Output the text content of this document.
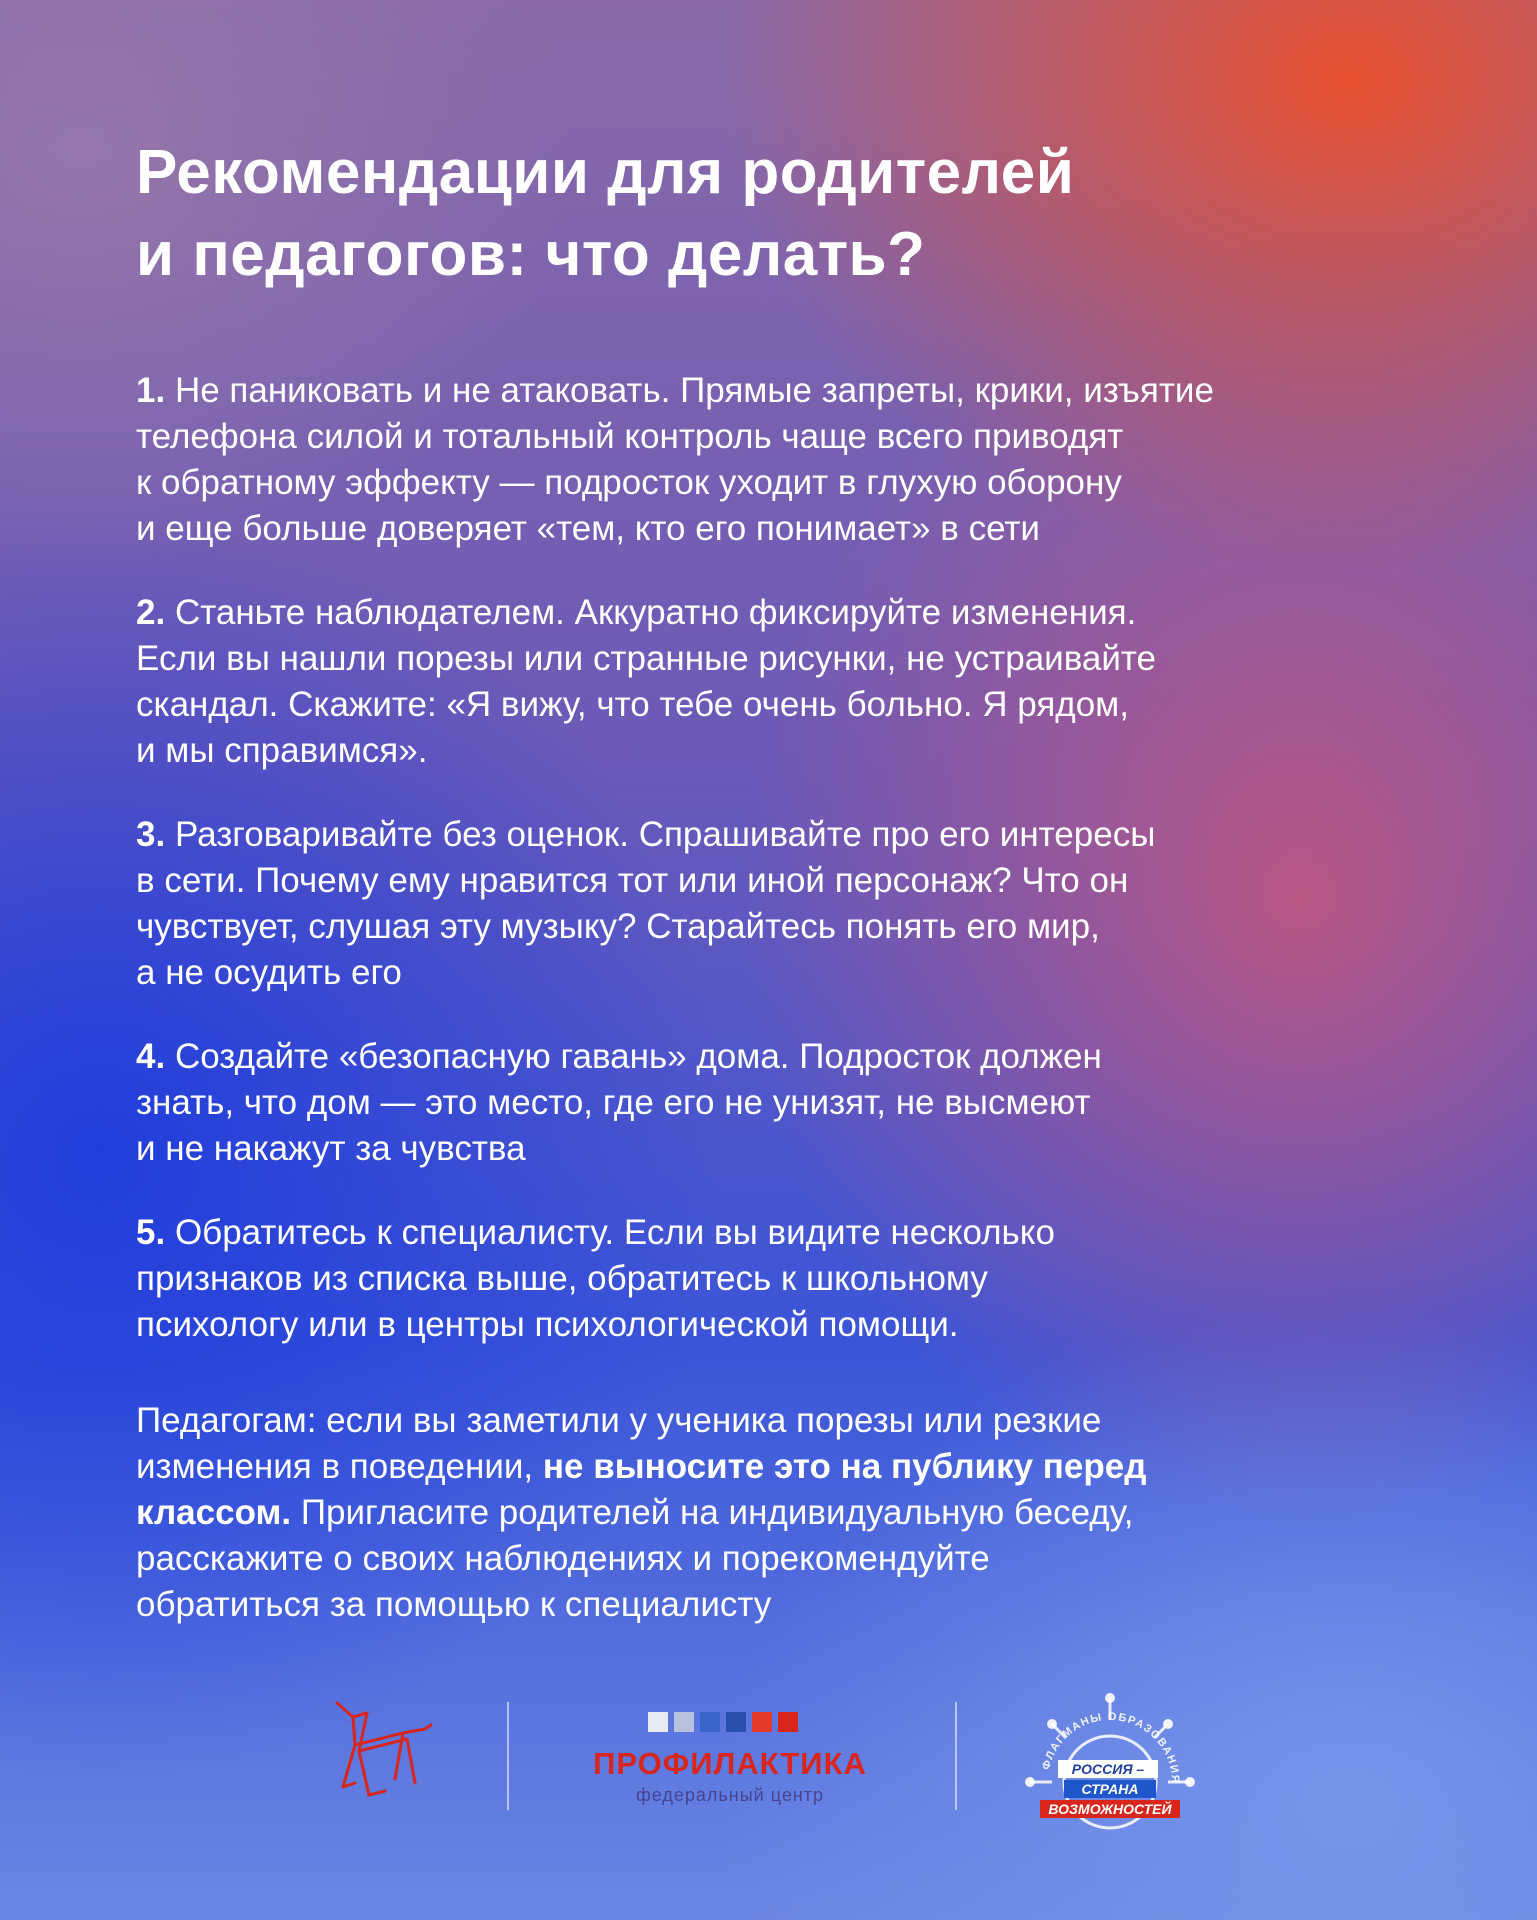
Рекомендации для родителей
и педагогов: что делать?

1. Не паниковать и не атаковать. Прямые запреты, крики, изъятие

телефона силой и тотальный контроль чаще всего приводят

к обратному эффекту — подросток уходит в глухую оборону

и еще больше доверяет «тем, кто его понимает» в сети

2. Станьте наблюдателем. Аккуратно фиксируйте изменения.

Если вы нашли порезы или странные рисунки, не устраивайте

скандал. Скажите: «Я вижу, что тебе очень больно. Я рядом,

и мы справимся».

3. Разговаривайте без оценок. Спрашивайте про его интересы

в сети. Почему ему нравится тот или иной персонаж? Что он

чувствует, слушая эту музыку? Старайтесь понять его мир,

а не осудить его

4. Создайте «безопасную гавань» дома. Подросток должен

знать, что дом — это место, где его не унизят, не высмеют

и не накажут за чувства

5. Обратитесь к специалисту. Если вы видите несколько

признаков из списка выше, обратитесь к школьному

психологу или в центры психологической помощи.

Педагогам: если вы заметили у ученика порезы или резкие

изменения в поведении, не выносите это на публику перед

классом. Пригласите родителей на индивидуальную беседу,

расскажите о своих наблюдениях и порекомендуйте

обратиться за помощью к специалисту

ПРОФИЛАКТИКА
федеральный центр
ФЛАГМАНЫ ОБРАЗОВАНИЯ
РОССИЯ –
СТРАНА
ВОЗМОЖНОСТЕЙ
